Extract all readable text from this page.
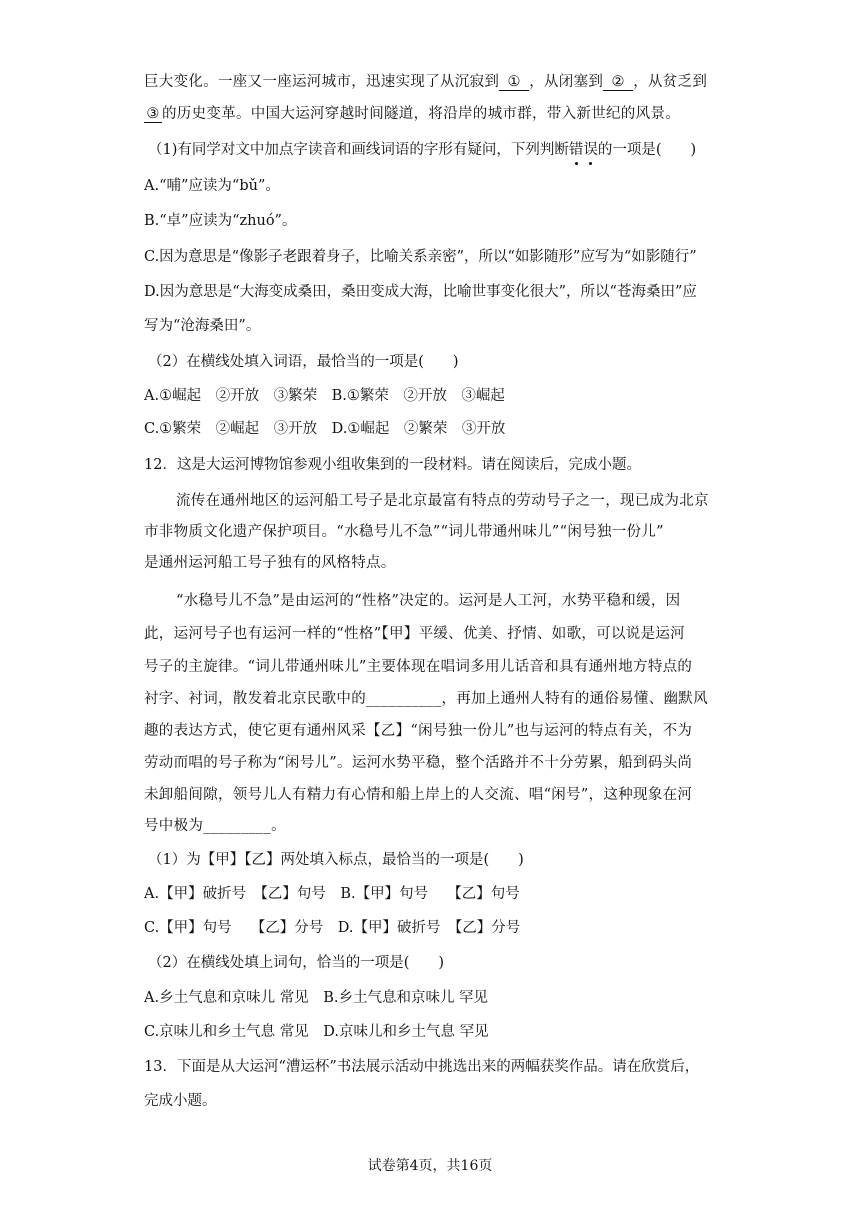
巨大变化。一座又一座运河城市，迅速实现了从沉寂到 ① ，从闭塞到 ② ，从贫乏到
③ 的历史变革。中国大运河穿越时间隧道，将沿岸的城市群，带入新世纪的风景。
（1)有同学对文中加点字读音和画线词语的字形有疑问，下列判断错误的一项是(　　)
A.“哺”应读为“bǔ”。
B.“卓”应读为“zhuó”。
C.因为意思是“像影子老跟着身子，比喻关系亲密”，所以“如影随形”应写为“如影随行”
D.因为意思是“大海变成桑田，桑田变成大海，比喻世事变化很大”，所以“苍海桑田”应
写为“沧海桑田”。
（2）在横线处填入词语，最恰当的一项是(　　)
A.①崛起　②开放　③繁荣　B.①繁荣　②开放　③崛起
C.①繁荣　②崛起　③开放　D.①崛起　②繁荣　③开放
12．这是大运河博物馆参观小组收集到的一段材料。请在阅读后，完成小题。
流传在通州地区的运河船工号子是北京最富有特点的劳动号子之一，现已成为北京
市非物质文化遗产保护项目。“水稳号儿不急”“词儿带通州味儿”“闲号独一份儿”
是通州运河船工号子独有的风格特点。
“水稳号儿不急”是由运河的“性格”决定的。运河是人工河，水势平稳和缓，因
此，运河号子也有运河一样的“性格”【甲】平缓、优美、抒情、如歌，可以说是运河
号子的主旋律。“词儿带通州味儿”主要体现在唱词多用儿话音和具有通州地方特点的
衬字、衬词，散发着北京民歌中的__________，再加上通州人特有的通俗易懂、幽默风
趣的表达方式，使它更有通州风采【乙】“闲号独一份儿”也与运河的特点有关，不为
劳动而唱的号子称为“闲号儿”。运河水势平稳，整个活路并不十分劳累，船到码头尚
未卸船间隙，领号儿人有精力有心情和船上岸上的人交流、唱“闲号”，这种现象在河
号中极为_________。
（1）为【甲】【乙】两处填入标点，最恰当的一项是(　　)
A.【甲】破折号　【乙】句号　B.【甲】句号　 【乙】句号
C.【甲】句号　 【乙】分号　D.【甲】破折号　【乙】分号
（2）在横线处填上词句，恰当的一项是(　　)
A.乡土气息和京味儿 常见　B.乡土气息和京味儿 罕见
C.京味儿和乡土气息 常见　D.京味儿和乡土气息 罕见
13．下面是从大运河“漕运杯”书法展示活动中挑选出来的两幅获奖作品。请在欣赏后，
完成小题。
试卷第4页，共16页
